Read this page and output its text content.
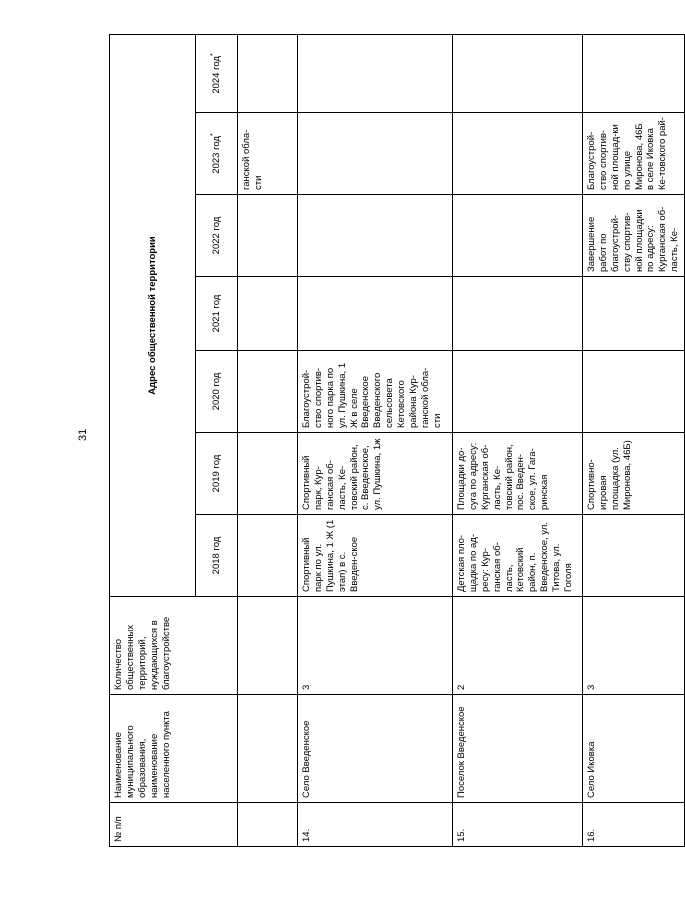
31
№ п/п	Наименование муниципального образования, наименование населенного пункта	Количество общественных территорий, нуждающихся в благоустройстве	Адрес общественной территории						
			2018 год	2019 год	2020 год	2021 год	2022 год	2023 год*	2024 год*
								ганской обла-сти	
14.	Село Введенское	3	Спортивный парк по ул. Пушкина, 1 Ж (1 этап) в с. Введен-ское	Спортивный парк, Кур-ганская об-ласть, Ке-товский район, с. Введенское, ул. Пушкина, 1ж	Благоустрой-ство спортив-ного парка по ул. Пушкина, 1 Ж в селе Введенское Введенского сельсовета Кетовского района Кур-ганской обла-сти				
15.	Поселок Введенское	2	Детская пло-щадка по ад-ресу: Кур-ганская об-ласть, Кетовский район, п. Введенское, ул. Титова, ул. Гоголя	Площадки до-суга по адресу: Курганская об-ласть, Ке-товский район, пос. Введен-ское, ул. Гага-ринская					
16.	Село Иковка	3		Спортивно-игровая площадка (ул. Миронова, 46Б)			Завершение работ по благоустрой-ству спортив-ной площадки по адресу: Курганская об-ласть, Ке-	Благоустрой-ство спортив-ной площад-ки по улице Миронова, 46Б в селе Иковка Ке-товского рай-	
